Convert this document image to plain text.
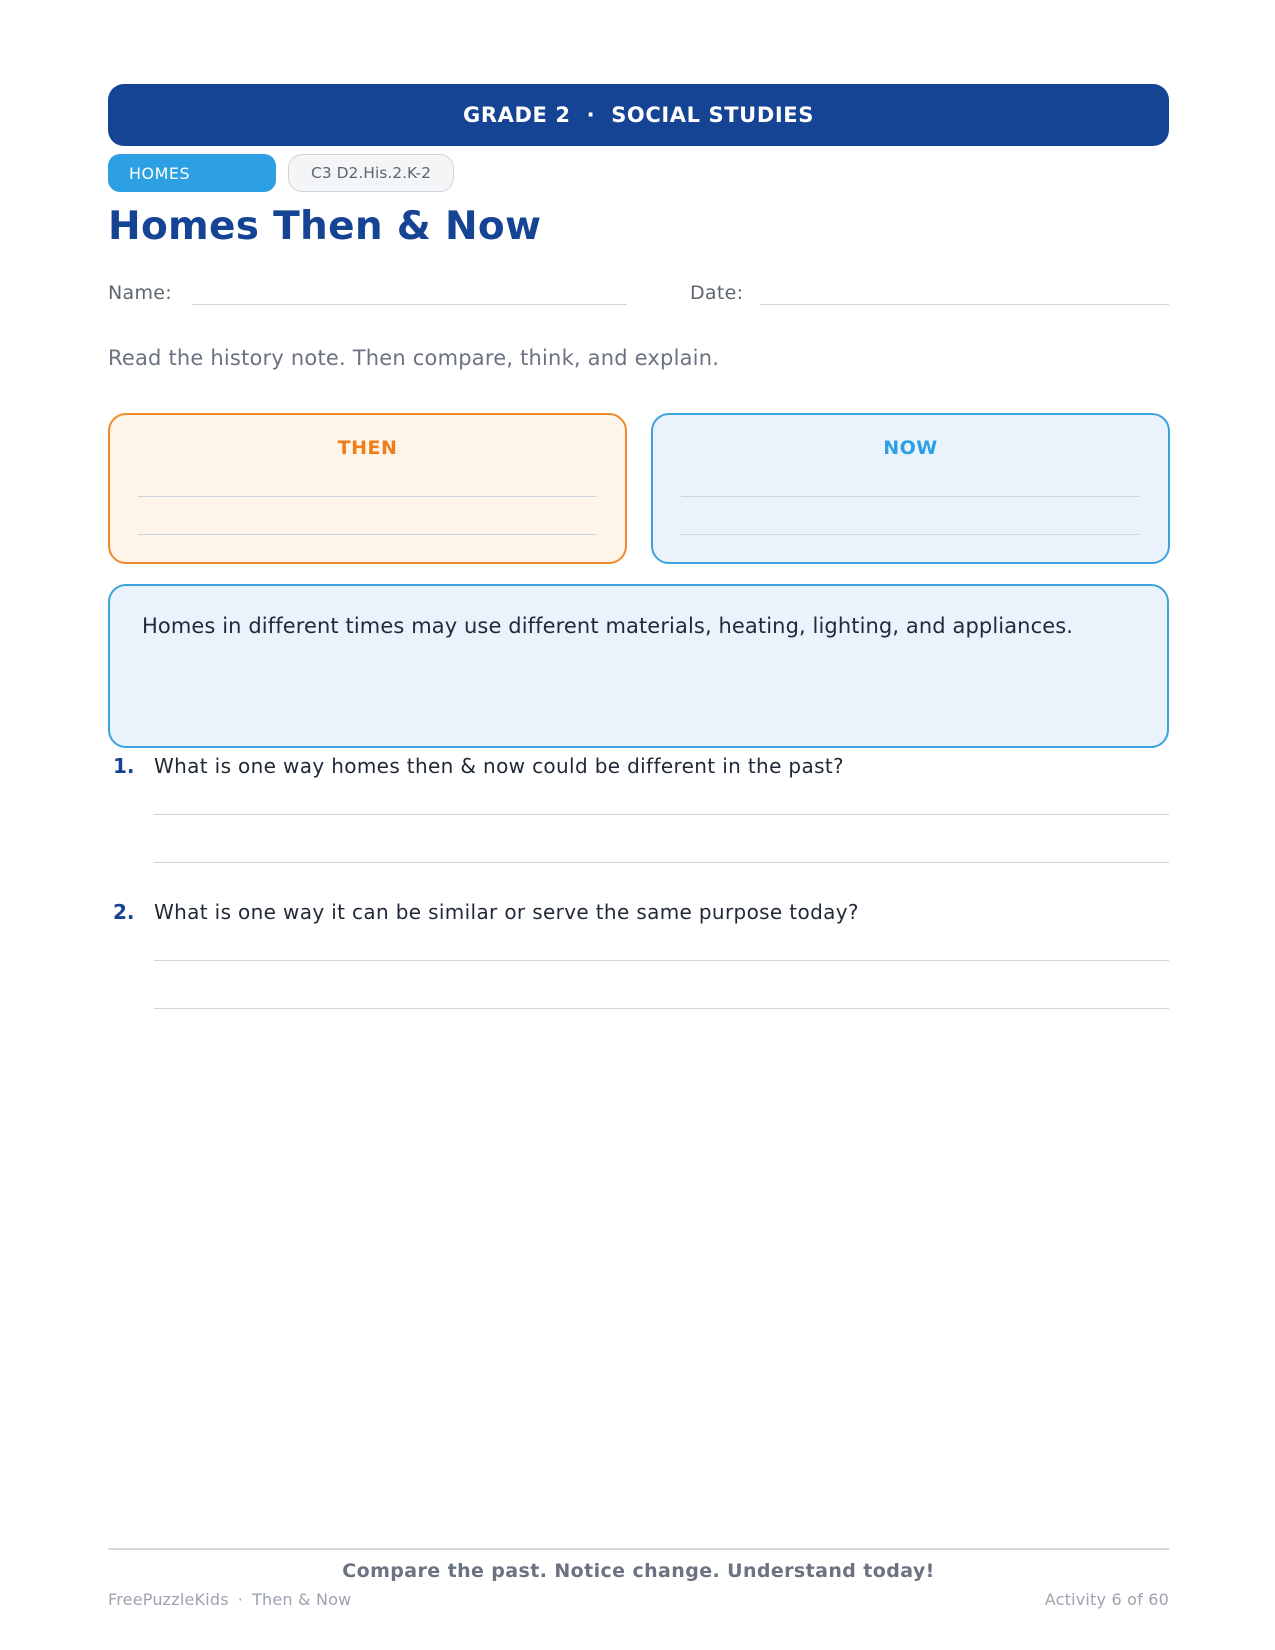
GRADE 2 · SOCIAL STUDIES
HOMES	C3 D2.His.2.K-2
Homes Then & Now
Name:	Date:

Read the history note. Then compare, think, and explain.

THEN	NOW

Homes in different times may use different materials, heating, lighting, and appliances.

1. What is one way homes then & now could be different in the past?
2. What is one way it can be similar or serve the same purpose today?
Compare the past. Notice change. Understand today!
FreePuzzleKids · Then & Now	Activity 6 of 60
